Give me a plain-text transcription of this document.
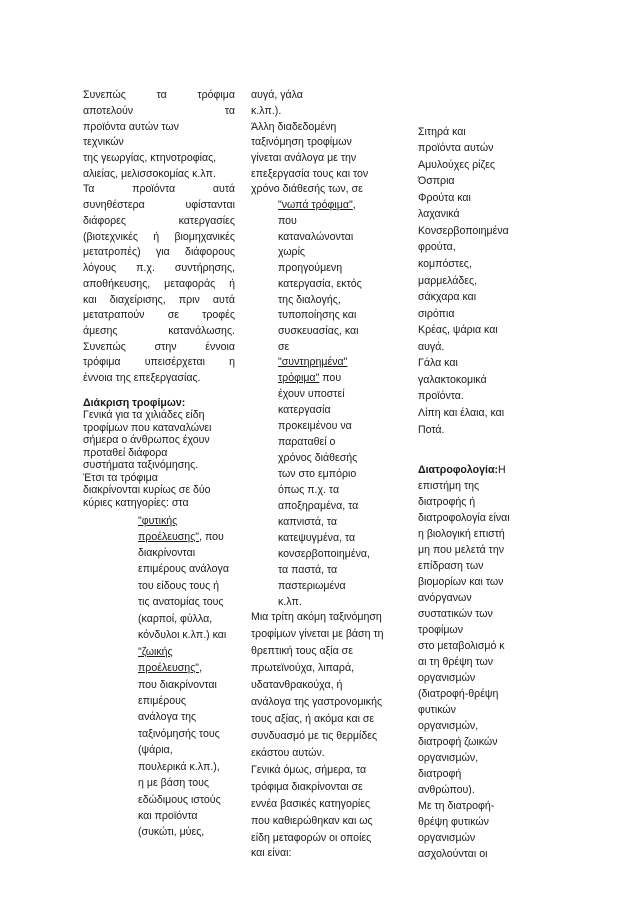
Συνεπώς	τα	τρόφιμα
αποτελούν	τα
προϊόντα αυτών των
τεχνικών
της γεωργίας, κτηνοτροφίας,
αλιείας, μελισσοκομίας κ.λπ.
Τα	προϊόντα	αυτά
συνηθέστερα	υφίστανται
διάφορες	κατεργασίες
(βιοτεχνικές ή βιομηχανικές
μετατροπές) για διάφορους
λόγους π.χ. συντήρησης,
αποθήκευσης, μεταφοράς ή
και διαχείρισης, πριν αυτά
μετατραπούν σε τροφές
άμεσης	κατανάλωσης.
Συνεπώς	στην	έννοια
τρόφιμα υπεισέρχεται η
έννοια της επεξεργασίας.
Διάκριση τροφίμων:
Γενικά για τα χιλιάδες είδη
τροφίμων που καταναλώνει
σήμερα ο άνθρωπος έχουν
προταθεί διάφορα
συστήματα ταξινόμησης.
Έτσι τα τρόφιμα
διακρίνονται κυρίως σε δύο
κύριες κατηγορίες: στα
"φυτικής
προέλευσης", που
διακρίνονται
επιμέρους ανάλογα
του είδους τους ή
τις ανατομίας τους
(καρποί, φύλλα,
κόνδυλοι κ.λπ.) και
"ζωικής
προέλευσης",
που διακρίνονται
επιμέρους
ανάλογα της
ταξινόμησής τους
(ψάρια,
πουλερικά κ.λπ.),
η με βάση τους
εδώδιμους ιστούς
και προϊόντα
(συκώτι, μύες,
αυγά, γάλα
κ.λπ.).
Άλλη διαδεδομένη
ταξινόμηση τροφίμων
γίνεται ανάλογα με την
επεξεργασία τους και τον
χρόνο διάθεσής των, σε
"νωπά τρόφιμα",
που
καταναλώνονται
χωρίς
προηγούμενη
κατεργασία, εκτός
της διαλογής,
τυποποίησης και
συσκευασίας, και
σε
"συντηρημένα"
τρόφιμα" που
έχουν υποστεί
κατεργασία
προκειμένου να
παραταθεί ο
χρόνος διάθεσής
των στο εμπόριο
όπως π.χ. τα
αποξηραμένα, τα
καπνιστά, τα
κατεψυγμένα, τα
κονσερβοποιημένα,
τα παστά, τα
παστεριωμένα
κ.λπ.
Μια τρίτη ακόμη ταξινόμηση
τροφίμων γίνεται με βάση τη
θρεπτική τους αξία σε
πρωτεϊνούχα, λιπαρά,
υδατανθρακούχα, ή
ανάλογα της γαστρονομικής
τους αξίας, ή ακόμα και σε
συνδυασμό με τις θερμίδες
εκάστου αυτών.
Γενικά όμως, σήμερα, τα
τρόφιμα διακρίνονται σε
εννέα βασικές κατηγορίες
που καθιερώθηκαν και ως
είδη μεταφορών οι οποίες
και είναι:
Σιτηρά και
προϊόντα αυτών
Αμυλούχες ρίζες
Όσπρια
Φρούτα και
λαχανικά
Κονσερβοποιημένα
φρούτα,
κομπόστες,
μαρμελάδες,
σάκχαρα και
σιρόπια
Κρέας, ψάρια και
αυγά.
Γάλα και
γαλακτοκομικά
προϊόντα.
Λίπη και έλαια, και
Ποτά.
Διατροφολογία:Η
επιστήμη της
διατροφής ή
διατροφολογία είναι
η βιολογική επιστή
μη που μελετά την
επίδραση των
βιομορίων και των
ανόργανων
συστατικών των
τροφίμων
στο μεταβολισμό κ
αι τη θρέψη των
οργανισμών
(διατροφή-θρέψη
φυτικών
οργανισμών,
διατροφή ζωικών
οργανισμών,
διατροφή
ανθρώπου).
Με τη διατροφή-
θρέψη φυτικών
οργανισμών
ασχολούνται οι
